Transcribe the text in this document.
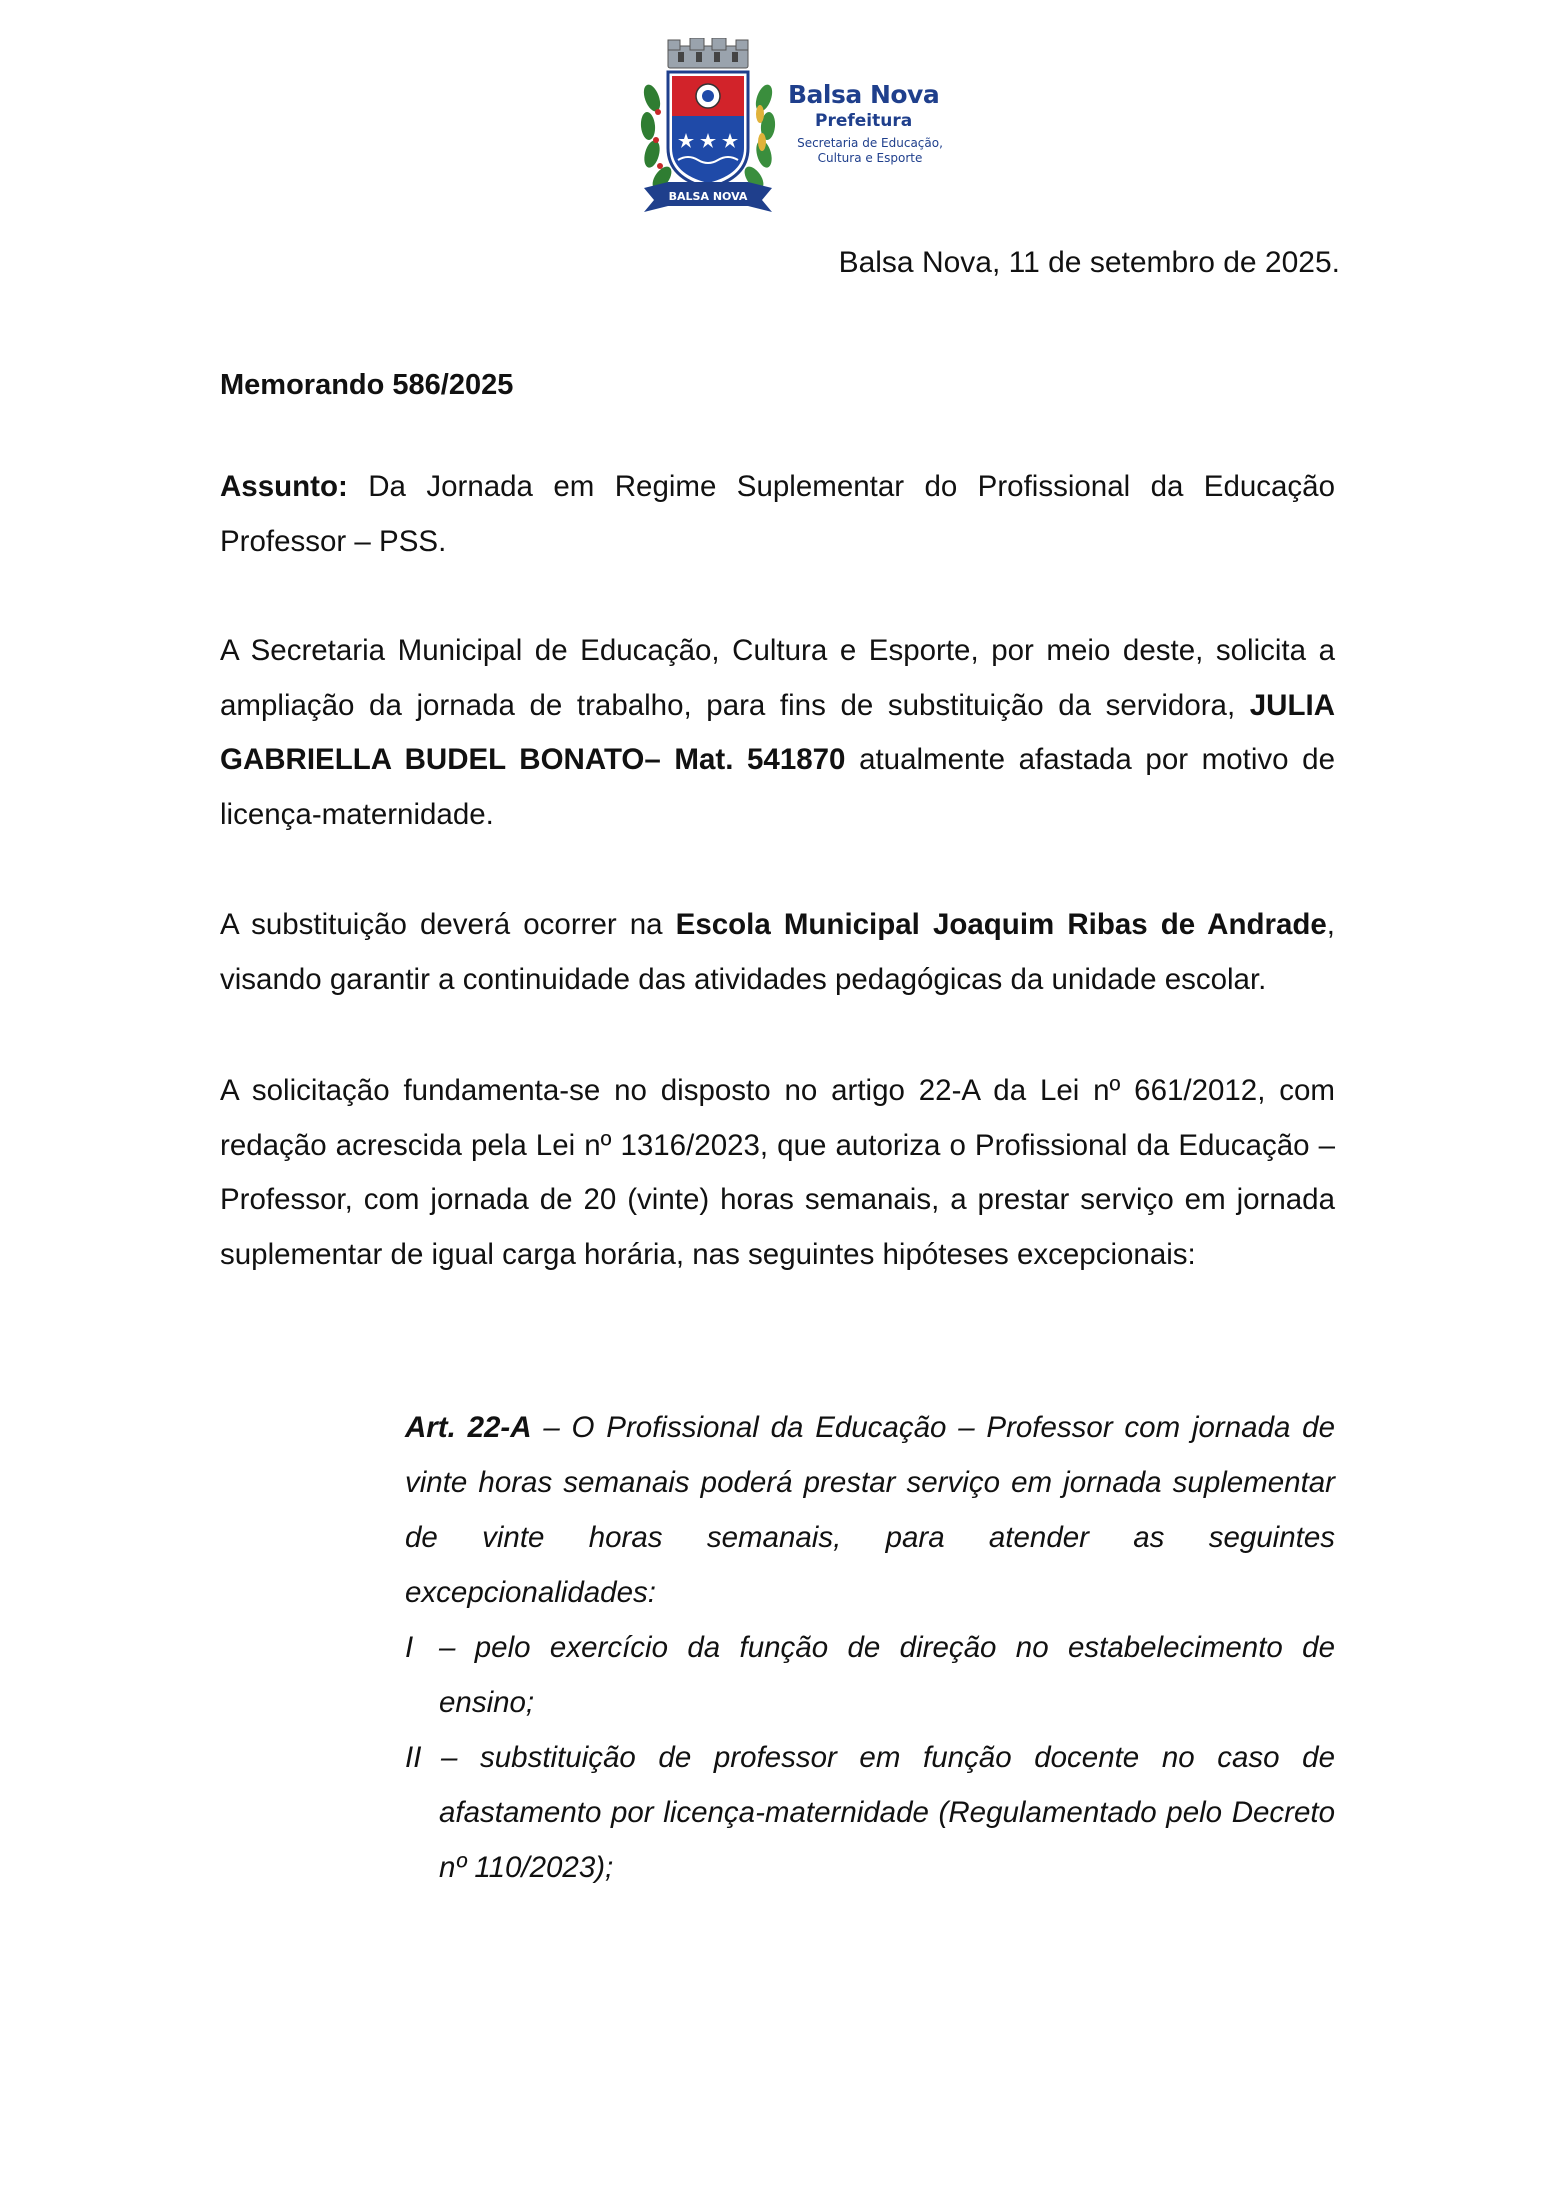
BALSA NOVA
Balsa Nova
Prefeitura
Secretaria de Educação,
Cultura e Esporte
Balsa Nova, 11 de setembro de 2025.
Memorando 586/2025
Assunto: Da Jornada em Regime Suplementar do Profissional da Educação Professor – PSS.
A Secretaria Municipal de Educação, Cultura e Esporte, por meio deste, solicita a ampliação da jornada de trabalho, para fins de substituição da servidora, JULIA GABRIELLA BUDEL BONATO– Mat. 541870 atualmente afastada por motivo de licença-maternidade.
A substituição deverá ocorrer na Escola Municipal Joaquim Ribas de Andrade, visando garantir a continuidade das atividades pedagógicas da unidade escolar.
A solicitação fundamenta-se no disposto no artigo 22-A da Lei nº 661/2012, com redação acrescida pela Lei nº 1316/2023, que autoriza o Profissional da Educação – Professor, com jornada de 20 (vinte) horas semanais, a prestar serviço em jornada suplementar de igual carga horária, nas seguintes hipóteses excepcionais:
Art. 22-A – O Profissional da Educação – Professor com jornada de vinte horas semanais poderá prestar serviço em jornada suplementar de vinte horas semanais, para atender as seguintes excepcionalidades:
I – pelo exercício da função de direção no estabelecimento de
ensino;
II – substituição de professor em função docente no caso de
afastamento por licença-maternidade (Regulamentado pelo Decreto nº 110/2023);
